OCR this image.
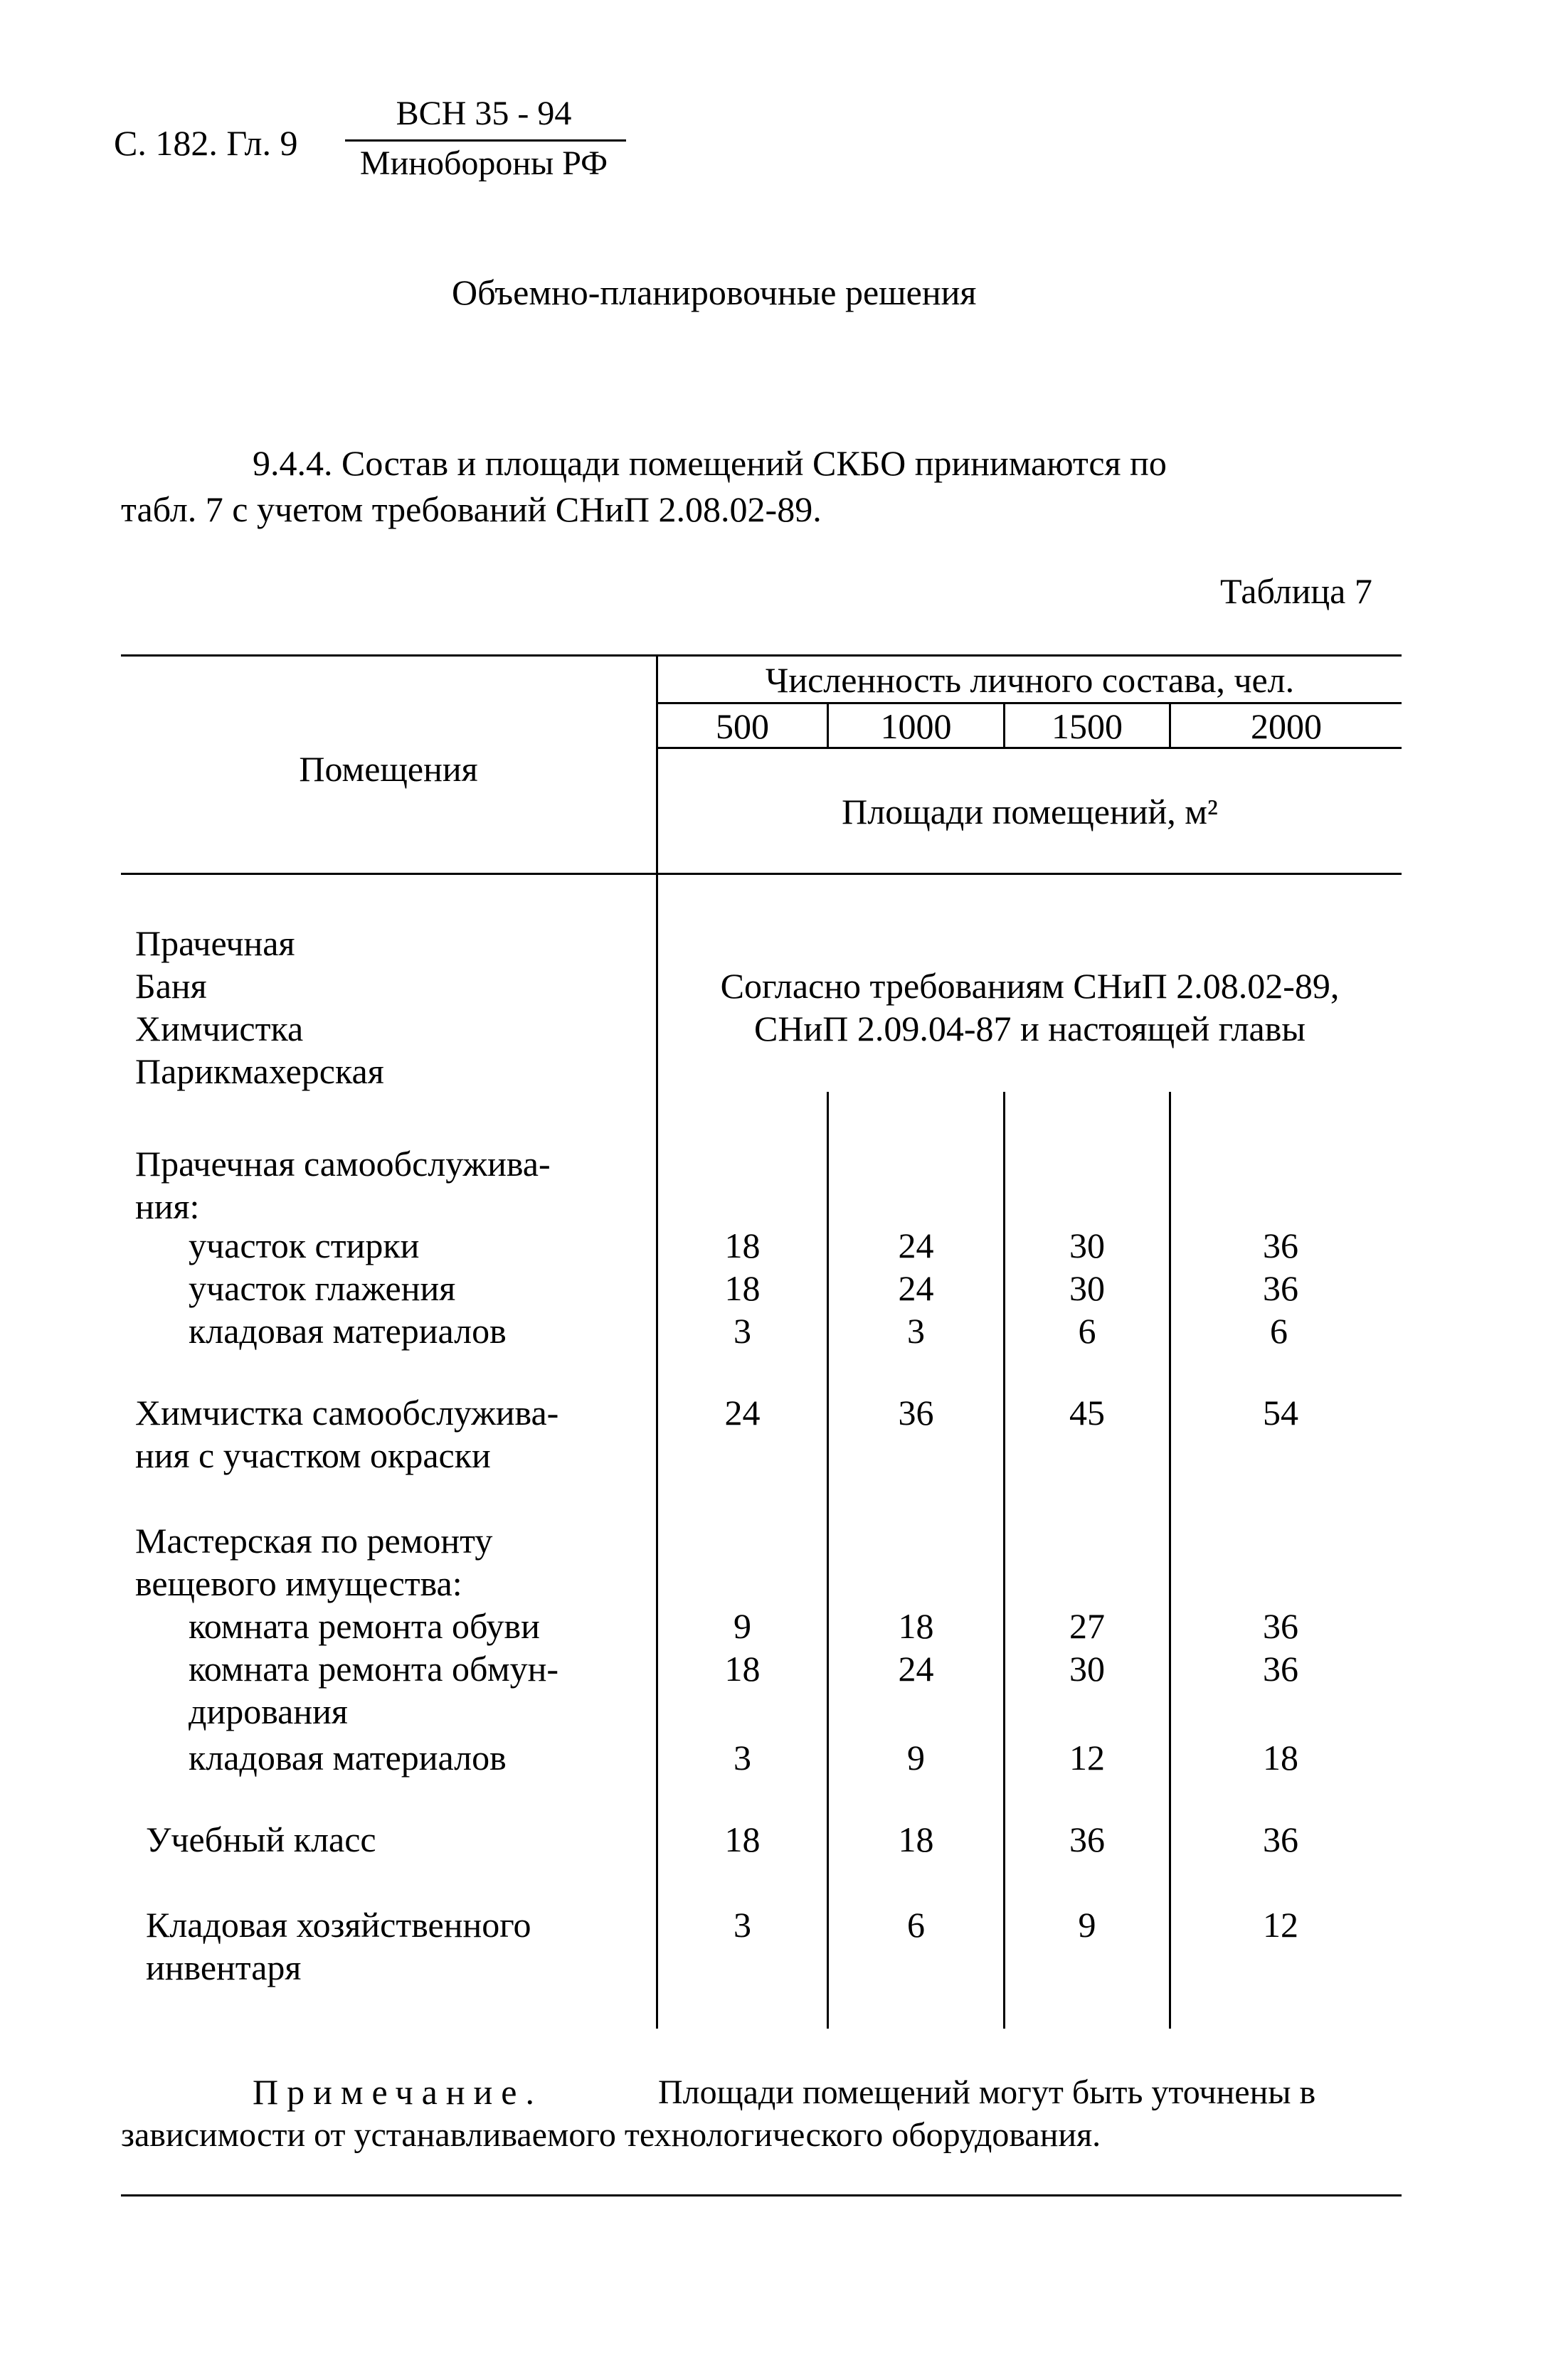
С. 182. Гл. 9
ВСН 35 - 94
Минобороны РФ
Объемно-планировочные решения
9.4.4. Состав и площади помещений СКБО принимаются по
табл. 7 с учетом требований СНиП 2.08.02-89.
Таблица 7
Помещения
Численность личного состава, чел.
500	1000	1500	2000
Площади помещений, м²
Прачечная
Баня
Химчистка
Парикмахерская
Согласно требованиям СНиП 2.08.02-89,
СНиП 2.09.04-87 и настоящей главы
Прачечная самообслужива-
ния:
участок стирки	18	24	30	36
участок глажения	18	24	30	36
кладовая материалов	3	3	6	6
Химчистка самообслужива-
ния с участком окраски
24	36	45	54
Мастерская по ремонту
вещевого имущества:
комната ремонта обуви	9	18	27	36
комната ремонта обмун-
дирования
18	24	30	36
кладовая материалов	3	9	12	18
Учебный класс	18	18	36	36
Кладовая хозяйственного
инвентаря
3	6	9	12
Примечание.	Площади помещений могут быть уточнены в
зависимости от устанавливаемого технологического оборудования.
